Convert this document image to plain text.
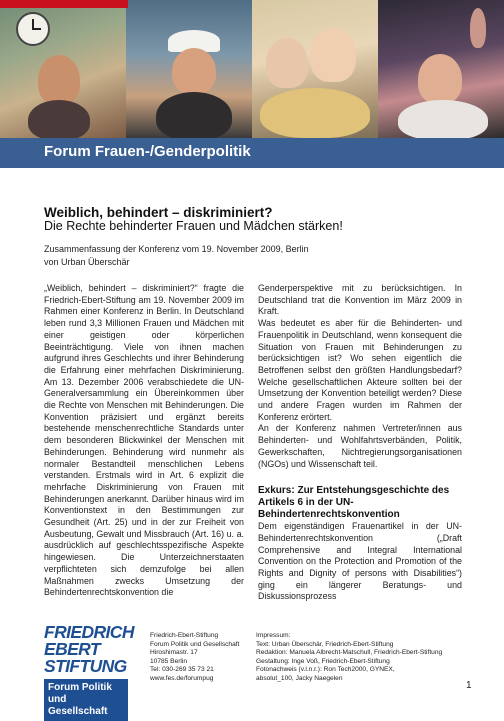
Forum Frauen-/Genderpolitik
Weiblich, behindert – diskriminiert?
Die Rechte behinderter Frauen und Mädchen stärken!
Zusammenfassung der Konferenz vom 19. November 2009, Berlin
von Urban Überschär

„Weiblich, behindert – diskriminiert?“ fragte die Friedrich-Ebert-Stiftung am 19. November 2009 im Rahmen einer Konferenz in Berlin. In Deutschland leben rund 3,3 Millionen Frauen und Mädchen mit einer geistigen oder körperlichen Beeinträchtigung. Viele von ihnen machen aufgrund ihres Geschlechts und ihrer Behinderung die Erfahrung einer mehrfachen Diskriminierung. Am 13. Dezember 2006 verabschiedete die UN-Generalversammlung ein Übereinkommen über die Rechte von Menschen mit Behinderungen. Die Konvention präzisiert und ergänzt bereits bestehende menschenrechtliche Standards unter dem besonderen Blickwinkel der Menschen mit Behinderungen. Behinderung wird nunmehr als normaler Bestandteil menschlichen Lebens verstanden. Erstmals wird in Art. 6 explizit die mehrfache Diskriminierung von Frauen mit Behinderungen anerkannt. Darüber hinaus wird im Konventionstext in den Bestimmungen zur Gesundheit (Art. 25) und in der zur Freiheit von Ausbeutung, Gewalt und Missbrauch (Art. 16) u. a. ausdrücklich auf geschlechtsspezifische Aspekte hingewiesen. Die Unterzeichnerstaaten verpflichteten sich demzufolge bei allen Maßnahmen zwecks Umsetzung der Behindertenrechtskonvention die

Genderperspektive mit zu berücksichtigen. In Deutschland trat die Konvention im März 2009 in Kraft.

Was bedeutet es aber für die Behinderten- und Frauenpolitik in Deutschland, wenn konsequent die Situation von Frauen mit Behinderungen zu berücksichtigen ist? Wo sehen eigentlich die Betroffenen selbst den größten Handlungsbedarf? Welche gesellschaftlichen Akteure sollten bei der Umsetzung der Konvention beteiligt werden? Diese und andere Fragen wurden im Rahmen der Konferenz erörtert.

An der Konferenz nahmen Vertreter/innen aus Behinderten- und Wohlfahrtsverbänden, Politik, Gewerkschaften, Nichtregierungsorganisationen (NGOs) und Wissenschaft teil.

Exkurs: Zur Entstehungsgeschichte des Artikels 6 in der UN-Behindertenrechtskonvention

Dem eigenständigen Frauenartikel in der UN-Behindertenrechtskonvention („Draft Comprehensive and Integral International Convention on the Protection and Promotion of the Rights and Dignity of persons with Disabilities“) ging ein längerer Beratungs- und Diskussionsprozess

FRIEDRICH
EBERT
STIFTUNG
Forum Politik
und Gesellschaft
Friedrich-Ebert-Stiftung
Forum Politik und Gesellschaft
Hiroshimastr. 17
10785 Berlin
Tel: 030-269 35 73 21
www.fes.de/forumpug
Impressum:
Text: Urban Überschär, Friedrich-Ebert-Stiftung
Redaktion: Manuela Albrecht-Matschull, Friedrich-Ebert-Stiftung
Gestaltung: Inge Voß, Friedrich-Ebert-Stiftung
Fotonachweis (v.l.n.r.): Ron Tech2000, GYNEX,
absolut_100, Jacky Naegelen
1
